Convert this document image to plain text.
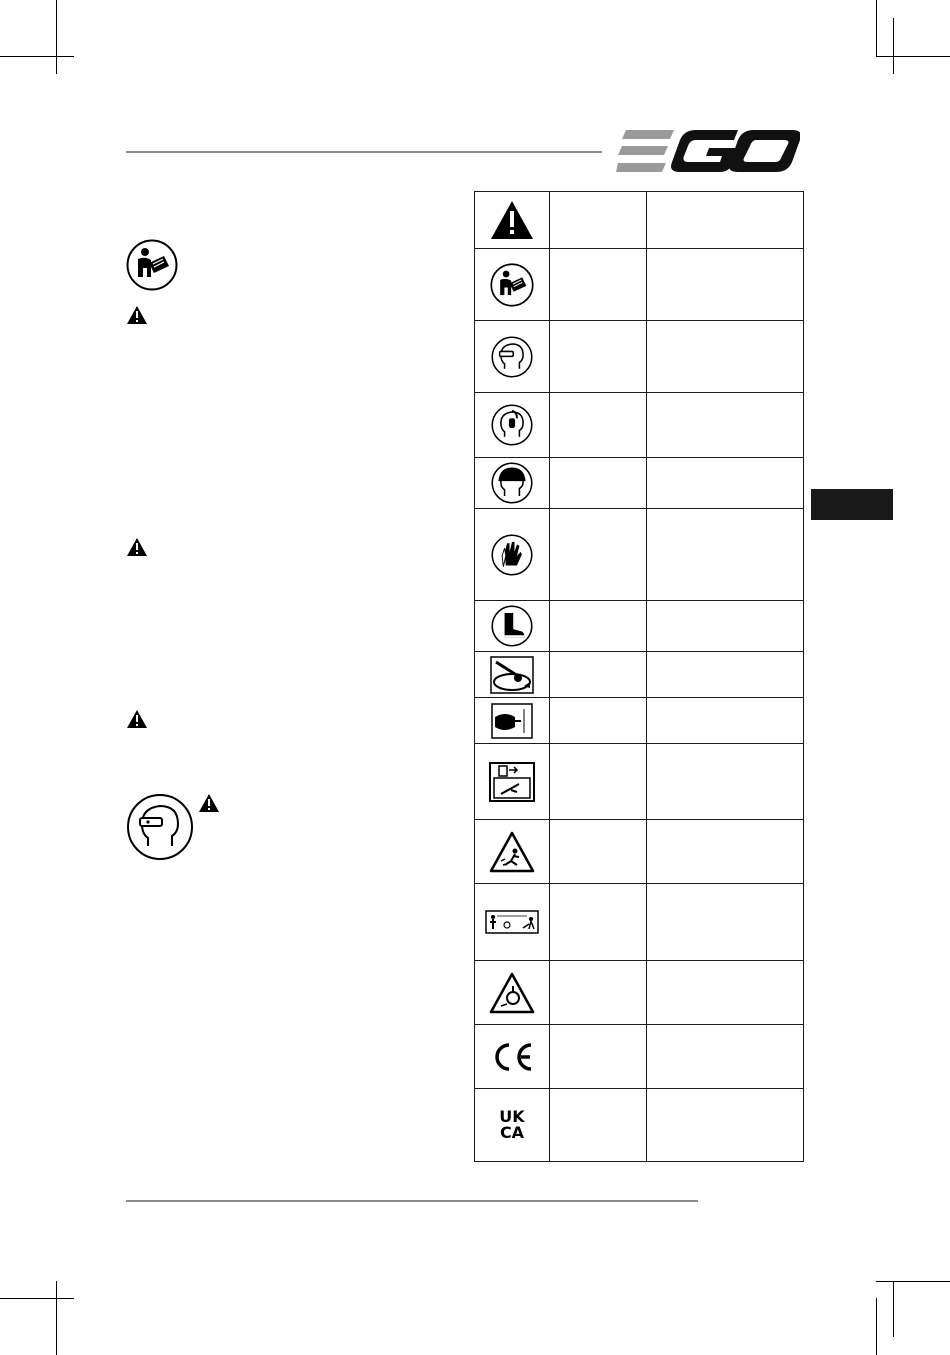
UK
CA		
